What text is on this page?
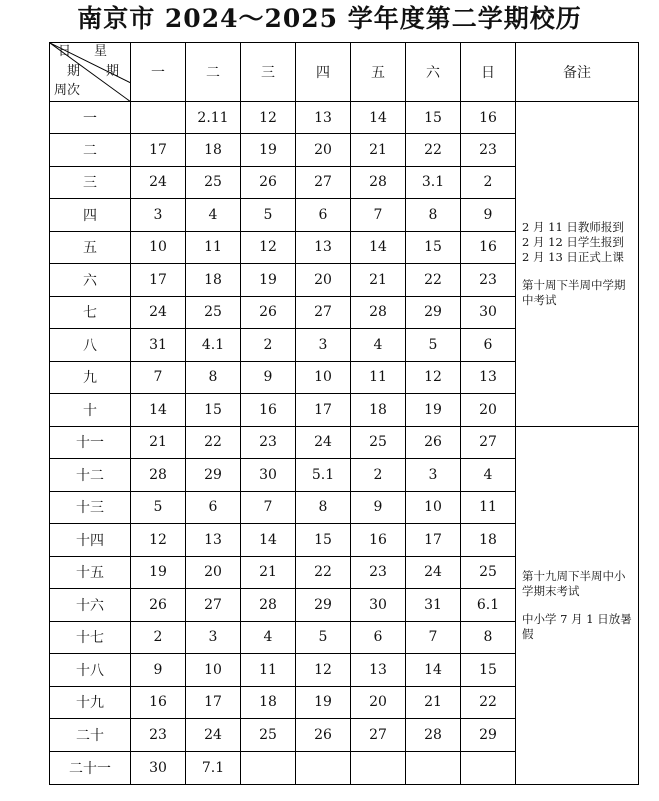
南京市 2024～2025 学年度第二学期校历
日 星
期 期
周次	一	二	三	四	五	六	日	备注
一		2.11	12	13	14	15	16	2 月 11 日教师报到
2 月 12 日学生报到
2 月 13 日正式上课

第十周下半周中学期中考试

二	17	18	19	20	21	22	23	
三	24	25	26	27	28	3.1	2	
四	3	4	5	6	7	8	9	
五	10	11	12	13	14	15	16	
六	17	18	19	20	21	22	23	
七	24	25	26	27	28	29	30	
八	31	4.1	2	3	4	5	6	
九	7	8	9	10	11	12	13	
十	14	15	16	17	18	19	20	
十一	21	22	23	24	25	26	27	第十九周下半周中小学期末考试

中小学 7 月 1 日放暑假

十二	28	29	30	5.1	2	3	4	
十三	5	6	7	8	9	10	11	
十四	12	13	14	15	16	17	18	
十五	19	20	21	22	23	24	25	
十六	26	27	28	29	30	31	6.1	
十七	2	3	4	5	6	7	8	
十八	9	10	11	12	13	14	15	
十九	16	17	18	19	20	21	22	
二十	23	24	25	26	27	28	29	
二十一	30	7.1						
